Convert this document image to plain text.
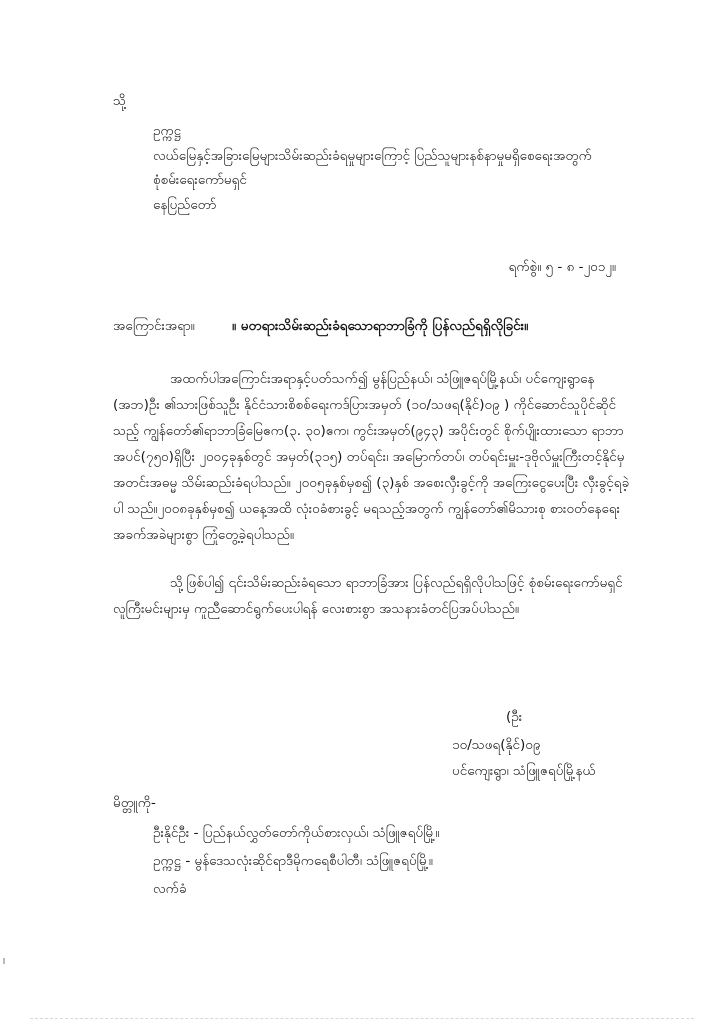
သို့
ဥက္ကဋ္ဌ
လယ်မြေနှင့်အခြားမြေများသိမ်းဆည်းခံရမှုများကြောင့် ပြည်သူများနစ်နာမှုမရှိစေရေးအတွက်
စုံစမ်းရေးကော်မရှင်
နေပြည်တော်
ရက်စွဲ။ ၅ - ၈ -၂၀၁၂။
အကြောင်းအရာ။	။ မတရားသိမ်းဆည်းခံရသောရာဘာခြံကို ပြန်လည်ရရှိလိုခြင်း။
အထက်ပါအကြောင်းအရာနှင့်ပတ်သက်၍ မွန်ပြည်နယ်၊ သံဖြူဇရပ်မြို့နယ်၊ ပင်ကျေးရွာနေ (အဘ)ဦး ၏သားဖြစ်သူဦး နိုင်ငံသားစိစစ်ရေးကဒ်ပြားအမှတ် (၁၀/သဖရ(နိုင်)၀၉ ) ကိုင်ဆောင်သူပိုင်ဆိုင်သည့် ကျွန်တော်၏ရာဘာခြံမြေဧက(၃. ၃၀)ဧက၊ ကွင်းအမှတ်(၉၄၃) အပိုင်းတွင် စိုက်ပျိုးထားသော ရာဘာအပင်(၇၅၀)ရှိပြီး ၂၀၀၄ခုနှစ်တွင် အမှတ်(၃၁၅) တပ်ရင်း၊ အမြောက်တပ်၊ တပ်ရင်းမှူး-ဒုဗိုလ်မှူးကြီးတင့်နိုင်မှ အတင်းအဓမ္မ သိမ်းဆည်းခံရပါသည်။ ၂၀၀၅ခုနှစ်မှစ၍ (၃)နှစ် အစေးလှီးခွင့်ကို အကြေးငွေပေးပြီး လှီးခွင့်ရခဲ့ပါ သည်။၂၀၀၈ခုနှစ်မှစ၍ ယနေ့အထိ လုံး၀ခံစားခွင့် မရသည့်အတွက် ကျွန်တော်၏မိသားစု စား၀တ်နေရေး အခက်အခဲများစွာ ကြုံတွေ့ခဲ့ရပါသည်။
သို့ဖြစ်ပါ၍ ၎င်းသိမ်းဆည်းခံရသော ရာဘာခြံအား ပြန်လည်ရရှိလိုပါသဖြင့် စုံစမ်းရေးကော်မရှင် လူကြီးမင်းများမှ ကူညီဆောင်ရွက်ပေးပါရန် လေးစားစွာ အသနားခံတင်ပြအပ်ပါသည်။
(ဦး
၁၀/သဖရ(နိုင်)၀၉
ပင်ကျေးရွာ၊ သံဖြူဇရပ်မြို့နယ်
မိတ္တူကို-
ဦးနိုင်ဦး - ပြည်နယ်လွှတ်တော်ကိုယ်စားလှယ်၊ သံဖြူဇရပ်မြို့။
ဥက္ကဋ္ဌ - မွန်ဒေသလုံးဆိုင်ရာဒီမိုကရေစီပါတီ၊ သံဖြူဇရပ်မြို့။
လက်ခံ
